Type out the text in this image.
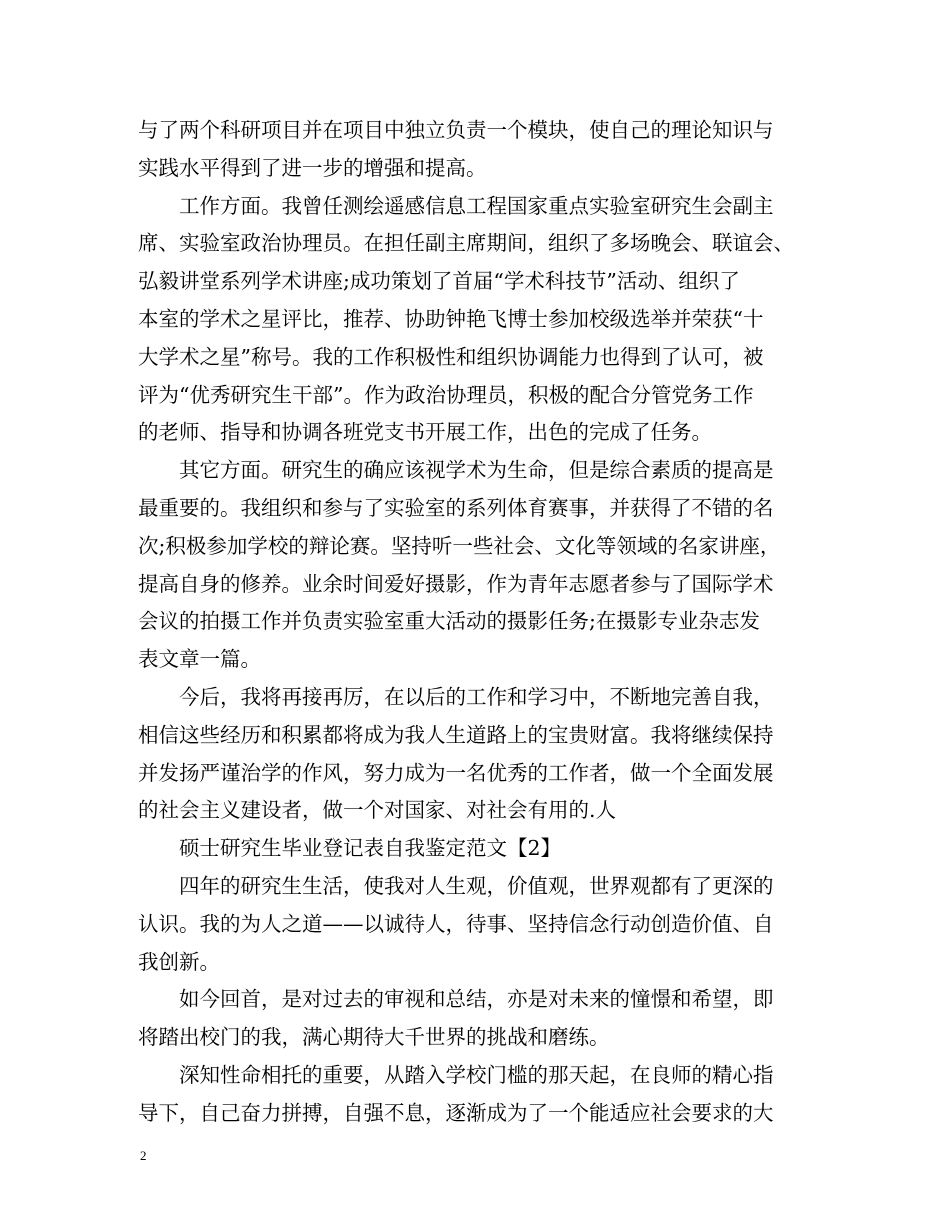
与了两个科研项目并在项目中独立负责一个模块，使自己的理论知识与
实践水平得到了进一步的增强和提高。
工作方面。我曾任测绘遥感信息工程国家重点实验室研究生会副主
席、实验室政治协理员。在担任副主席期间，组织了多场晚会、联谊会、
弘毅讲堂系列学术讲座;成功策划了首届“学术科技节”活动、组织了
本室的学术之星评比，推荐、协助钟艳飞博士参加校级选举并荣获“十
大学术之星”称号。我的工作积极性和组织协调能力也得到了认可，被
评为“优秀研究生干部”。作为政治协理员，积极的配合分管党务工作
的老师、指导和协调各班党支书开展工作，出色的完成了任务。
其它方面。研究生的确应该视学术为生命，但是综合素质的提高是
最重要的。我组织和参与了实验室的系列体育赛事，并获得了不错的名
次;积极参加学校的辩论赛。坚持听一些社会、文化等领域的名家讲座，
提高自身的修养。业余时间爱好摄影，作为青年志愿者参与了国际学术
会议的拍摄工作并负责实验室重大活动的摄影任务;在摄影专业杂志发
表文章一篇。
今后，我将再接再厉，在以后的工作和学习中，不断地完善自我，
相信这些经历和积累都将成为我人生道路上的宝贵财富。我将继续保持
并发扬严谨治学的作风，努力成为一名优秀的工作者，做一个全面发展
的社会主义建设者，做一个对国家、对社会有用的.人
硕士研究生毕业登记表自我鉴定范文【2】
四年的研究生生活，使我对人生观，价值观，世界观都有了更深的
认识。我的为人之道——以诚待人，待事、坚持信念行动创造价值、自
我创新。
如今回首，是对过去的审视和总结，亦是对未来的憧憬和希望，即
将踏出校门的我，满心期待大千世界的挑战和磨练。
深知性命相托的重要，从踏入学校门槛的那天起，在良师的精心指
导下，自己奋力拼搏，自强不息，逐渐成为了一个能适应社会要求的大
2
